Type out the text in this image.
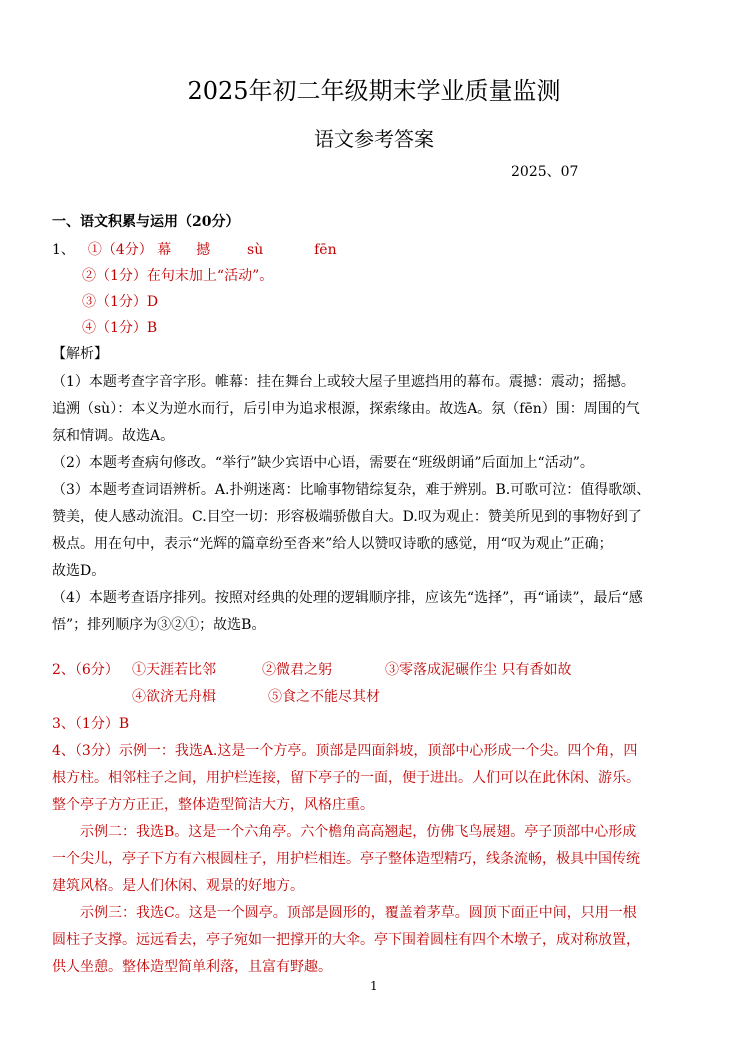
2025年初二年级期末学业质量监测
语文参考答案
2025、07
一、语文积累与运用（20分）
1、 ①（4分） 幕 撼	sù	fēn
②（1分）在句末加上“活动”。
③（1分）D
④（1分）B
【解析】
（1）本题考查字音字形。帷幕：挂在舞台上或较大屋子里遮挡用的幕布。震撼：震动；摇撼。
追溯（sù）：本义为逆水而行，后引申为追求根源，探索缘由。故选A。氛（fēn）围：周围的气
氛和情调。故选A。
（2）本题考查病句修改。“举行”缺少宾语中心语，需要在“班级朗诵”后面加上“活动”。
（3）本题考查词语辨析。A.扑朔迷离：比喻事物错综复杂，难于辨别。B.可歌可泣：值得歌颂、
赞美，使人感动流泪。C.目空一切：形容极端骄傲自大。D.叹为观止：赞美所见到的事物好到了
极点。用在句中，表示“光辉的篇章纷至沓来”给人以赞叹诗歌的感觉，用“叹为观止”正确；
故选D。
（4）本题考查语序排列。按照对经典的处理的逻辑顺序排，应该先“选择”，再“诵读”，最后“感
悟”；排列顺序为③②①；故选B。
2、（6分） ①天涯若比邻	②微君之躬	③零落成泥碾作尘 只有香如故
④欲济无舟楫	⑤食之不能尽其材
3、（1分）B
4、（3分）示例一：我选A.这是一个方亭。顶部是四面斜坡，顶部中心形成一个尖。四个角，四
根方柱。相邻柱子之间，用护栏连接，留下亭子的一面，便于进出。人们可以在此休闲、游乐。
整个亭子方方正正，整体造型简洁大方，风格庄重。
示例二：我选B。这是一个六角亭。六个檐角高高翘起，仿佛飞鸟展翅。亭子顶部中心形成
一个尖儿，亭子下方有六根圆柱子，用护栏相连。亭子整体造型精巧，线条流畅，极具中国传统
建筑风格。是人们休闲、观景的好地方。
示例三：我选C。这是一个圆亭。顶部是圆形的，覆盖着茅草。圆顶下面正中间，只用一根
圆柱子支撑。远远看去，亭子宛如一把撑开的大伞。亭下围着圆柱有四个木墩子，成对称放置，
供人坐憩。整体造型简单利落，且富有野趣。
1
